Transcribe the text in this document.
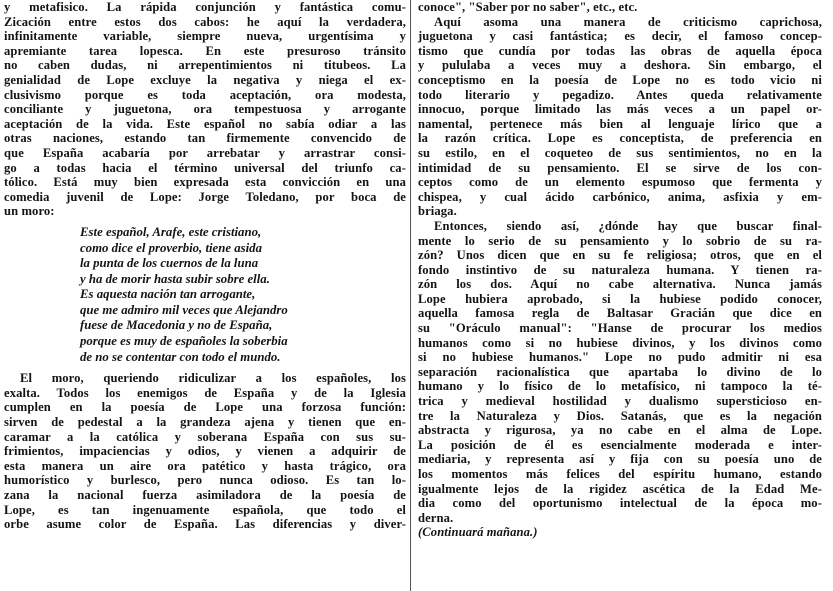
y metafisico. La rápida conjunción y fantástica comu-
Zicación entre estos dos cabos: he aquí la verdadera,
infinitamente variable, siempre nueva, urgentísima y
apremiante tarea lopesca. En este presuroso tránsito
no caben dudas, ni arrepentimientos ni titubeos. La
genialidad de Lope excluye la negativa y niega el ex-
clusivismo porque es toda aceptación, ora modesta,
conciliante y juguetona, ora tempestuosa y arrogante
aceptación de la vida. Este español no sabía odiar a las
otras naciones, estando tan firmemente convencido de
que España acabaría por arrebatar y arrastrar consi-
go a todas hacia el término universal del triunfo ca-
tólico. Está muy bien expresada esta convicción en una
comedia juvenil de Lope: Jorge Toledano, por boca de
un moro:
Este español, Arafe, este cristiano,
como dice el proverbio, tiene asida
la punta de los cuernos de la luna
y ha de morir hasta subir sobre ella.
Es aquesta nación tan arrogante,
que me admiro mil veces que Alejandro
fuese de Macedonia y no de España,
porque es muy de españoles la soberbia
de no se contentar con todo el mundo.
El moro, queriendo ridiculizar a los españoles, los
exalta. Todos los enemigos de España y de la Iglesia
cumplen en la poesía de Lope una forzosa función:
sirven de pedestal a la grandeza ajena y tienen que en-
caramar a la católica y soberana España con sus su-
frimientos, impaciencias y odios, y vienen a adquirir de
esta manera un aire ora patético y hasta trágico, ora
humorístico y burlesco, pero nunca odioso. Es tan lo-
zana la nacional fuerza asimiladora de la poesía de
Lope, es tan ingenuamente española, que todo el
orbe asume color de España. Las diferencias y diver-
conoce", "Saber por no saber", etc., etc.
Aquí asoma una manera de criticismo caprichosa,
juguetona y casi fantástica; es decir, el famoso concep-
tismo que cundía por todas las obras de aquella época
y pululaba a veces muy a deshora. Sin embargo, el
conceptismo en la poesía de Lope no es todo vicio ni
todo literario y pegadizo. Antes queda relativamente
innocuo, porque limitado las más veces a un papel or-
namental, pertenece más bien al lenguaje lírico que a
la razón crítica. Lope es conceptista, de preferencia en
su estilo, en el coqueteo de sus sentimientos, no en la
intimidad de su pensamiento. El se sirve de los con-
ceptos como de un elemento espumoso que fermenta y
chispea, y cual ácido carbónico, anima, asfixia y em-
briaga.
Entonces, siendo así, ¿dónde hay que buscar final-
mente lo serio de su pensamiento y lo sobrio de su ra-
zón? Unos dicen que en su fe religiosa; otros, que en el
fondo instintivo de su naturaleza humana. Y tienen ra-
zón los dos. Aquí no cabe alternativa. Nunca jamás
Lope hubiera aprobado, si la hubiese podido conocer,
aquella famosa regla de Baltasar Gracián que dice en
su "Oráculo manual": "Hanse de procurar los medios
humanos como si no hubiese divinos, y los divinos como
si no hubiese humanos." Lope no pudo admitir ni esa
separación racionalística que apartaba lo divino de lo
humano y lo físico de lo metafísico, ni tampoco la té-
trica y medieval hostilidad y dualismo supersticioso en-
tre la Naturaleza y Dios. Satanás, que es la negación
abstracta y rigurosa, ya no cabe en el alma de Lope.
La posición de él es esencialmente moderada e inter-
mediaria, y representa así y fija con su poesía uno de
los momentos más felices del espíritu humano, estando
igualmente lejos de la rigidez ascética de la Edad Me-
dia como del oportunismo intelectual de la época mo-
derna.
(Continuará mañana.)
